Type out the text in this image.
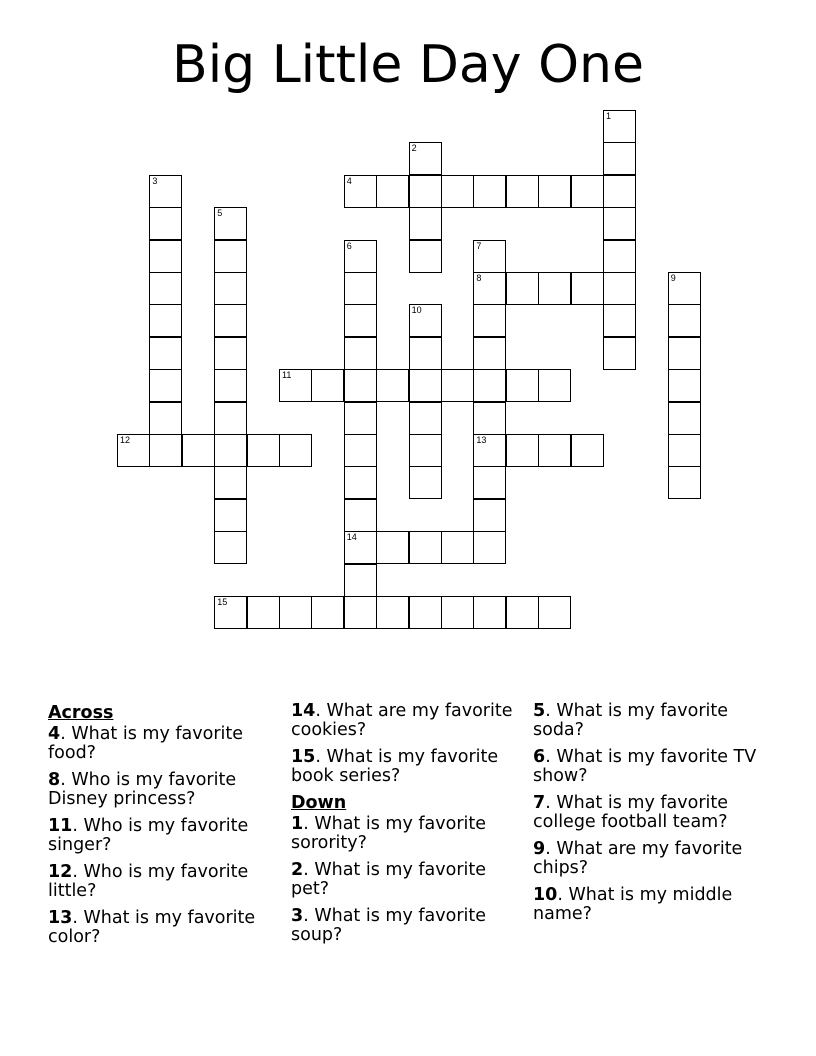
Big Little Day One
1
2
3	4
5
6
14
7
8
13
9
10
11
12
15
Across
4. What is my favorite food?
8. Who is my favorite Disney princess?
11. Who is my favorite singer?
12. Who is my favorite little?
13. What is my favorite color?
14. What are my favorite cookies?
15. What is my favorite book series?
Down
1. What is my favorite sorority?
2. What is my favorite pet?
3. What is my favorite soup?
5. What is my favorite soda?
6. What is my favorite TV show?
7. What is my favorite college football team?
9. What are my favorite chips?
10. What is my middle name?
